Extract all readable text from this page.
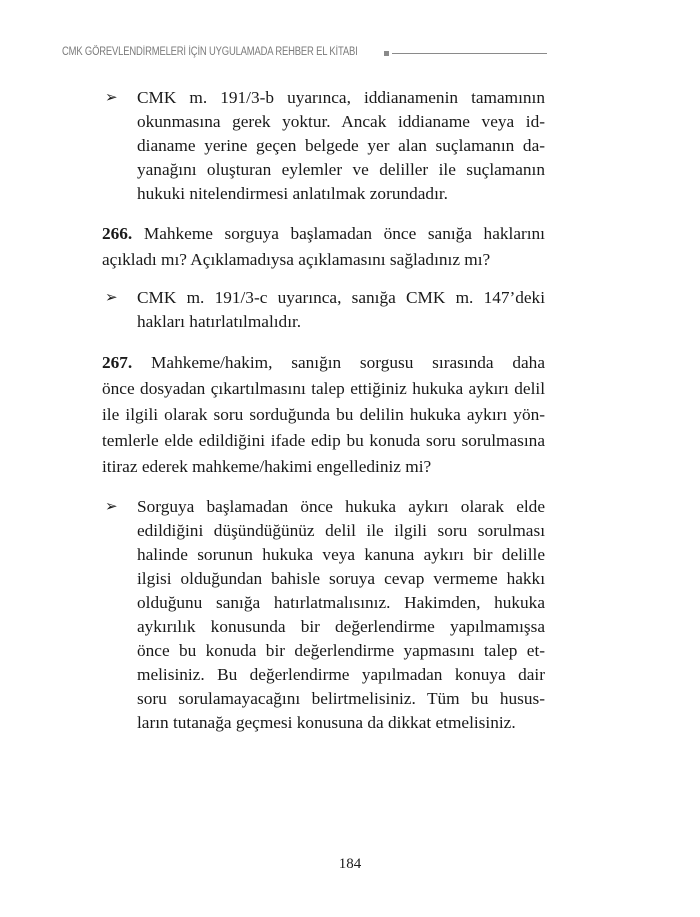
CMK GÖREVLENDİRMELERİ İÇİN UYGULAMADA REHBER EL KİTABI
➢ CMK m. 191/3-b uyarınca, iddianamenin tamamının
okunmasına gerek yoktur. Ancak iddianame veya id-
dianame yerine geçen belgede yer alan suçlamanın da-
yanağını oluşturan eylemler ve deliller ile suçlamanın
hukuki nitelendirmesi anlatılmak zorundadır.
266. Mahkeme sorguya başlamadan önce sanığa haklarını
açıkladı mı? Açıklamadıysa açıklamasını sağladınız mı?
➢ CMK m. 191/3-c uyarınca, sanığa CMK m. 147’deki
hakları hatırlatılmalıdır.
267. Mahkeme/hakim, sanığın sorgusu sırasında daha
önce dosyadan çıkartılmasını talep ettiğiniz hukuka aykırı delil
ile ilgili olarak soru sorduğunda bu delilin hukuka aykırı yön-
temlerle elde edildiğini ifade edip bu konuda soru sorulmasına
itiraz ederek mahkeme/hakimi engellediniz mi?
➢ Sorguya başlamadan önce hukuka aykırı olarak elde
edildiğini düşündüğünüz delil ile ilgili soru sorulması
halinde sorunun hukuka veya kanuna aykırı bir delille
ilgisi olduğundan bahisle soruya cevap vermeme hakkı
olduğunu sanığa hatırlatmalısınız. Hakimden, hukuka
aykırılık konusunda bir değerlendirme yapılmamışsa
önce bu konuda bir değerlendirme yapmasını talep et-
melisiniz. Bu değerlendirme yapılmadan konuya dair
soru sorulamayacağını belirtmelisiniz. Tüm bu husus-
ların tutanağa geçmesi konusuna da dikkat etmelisiniz.
184
